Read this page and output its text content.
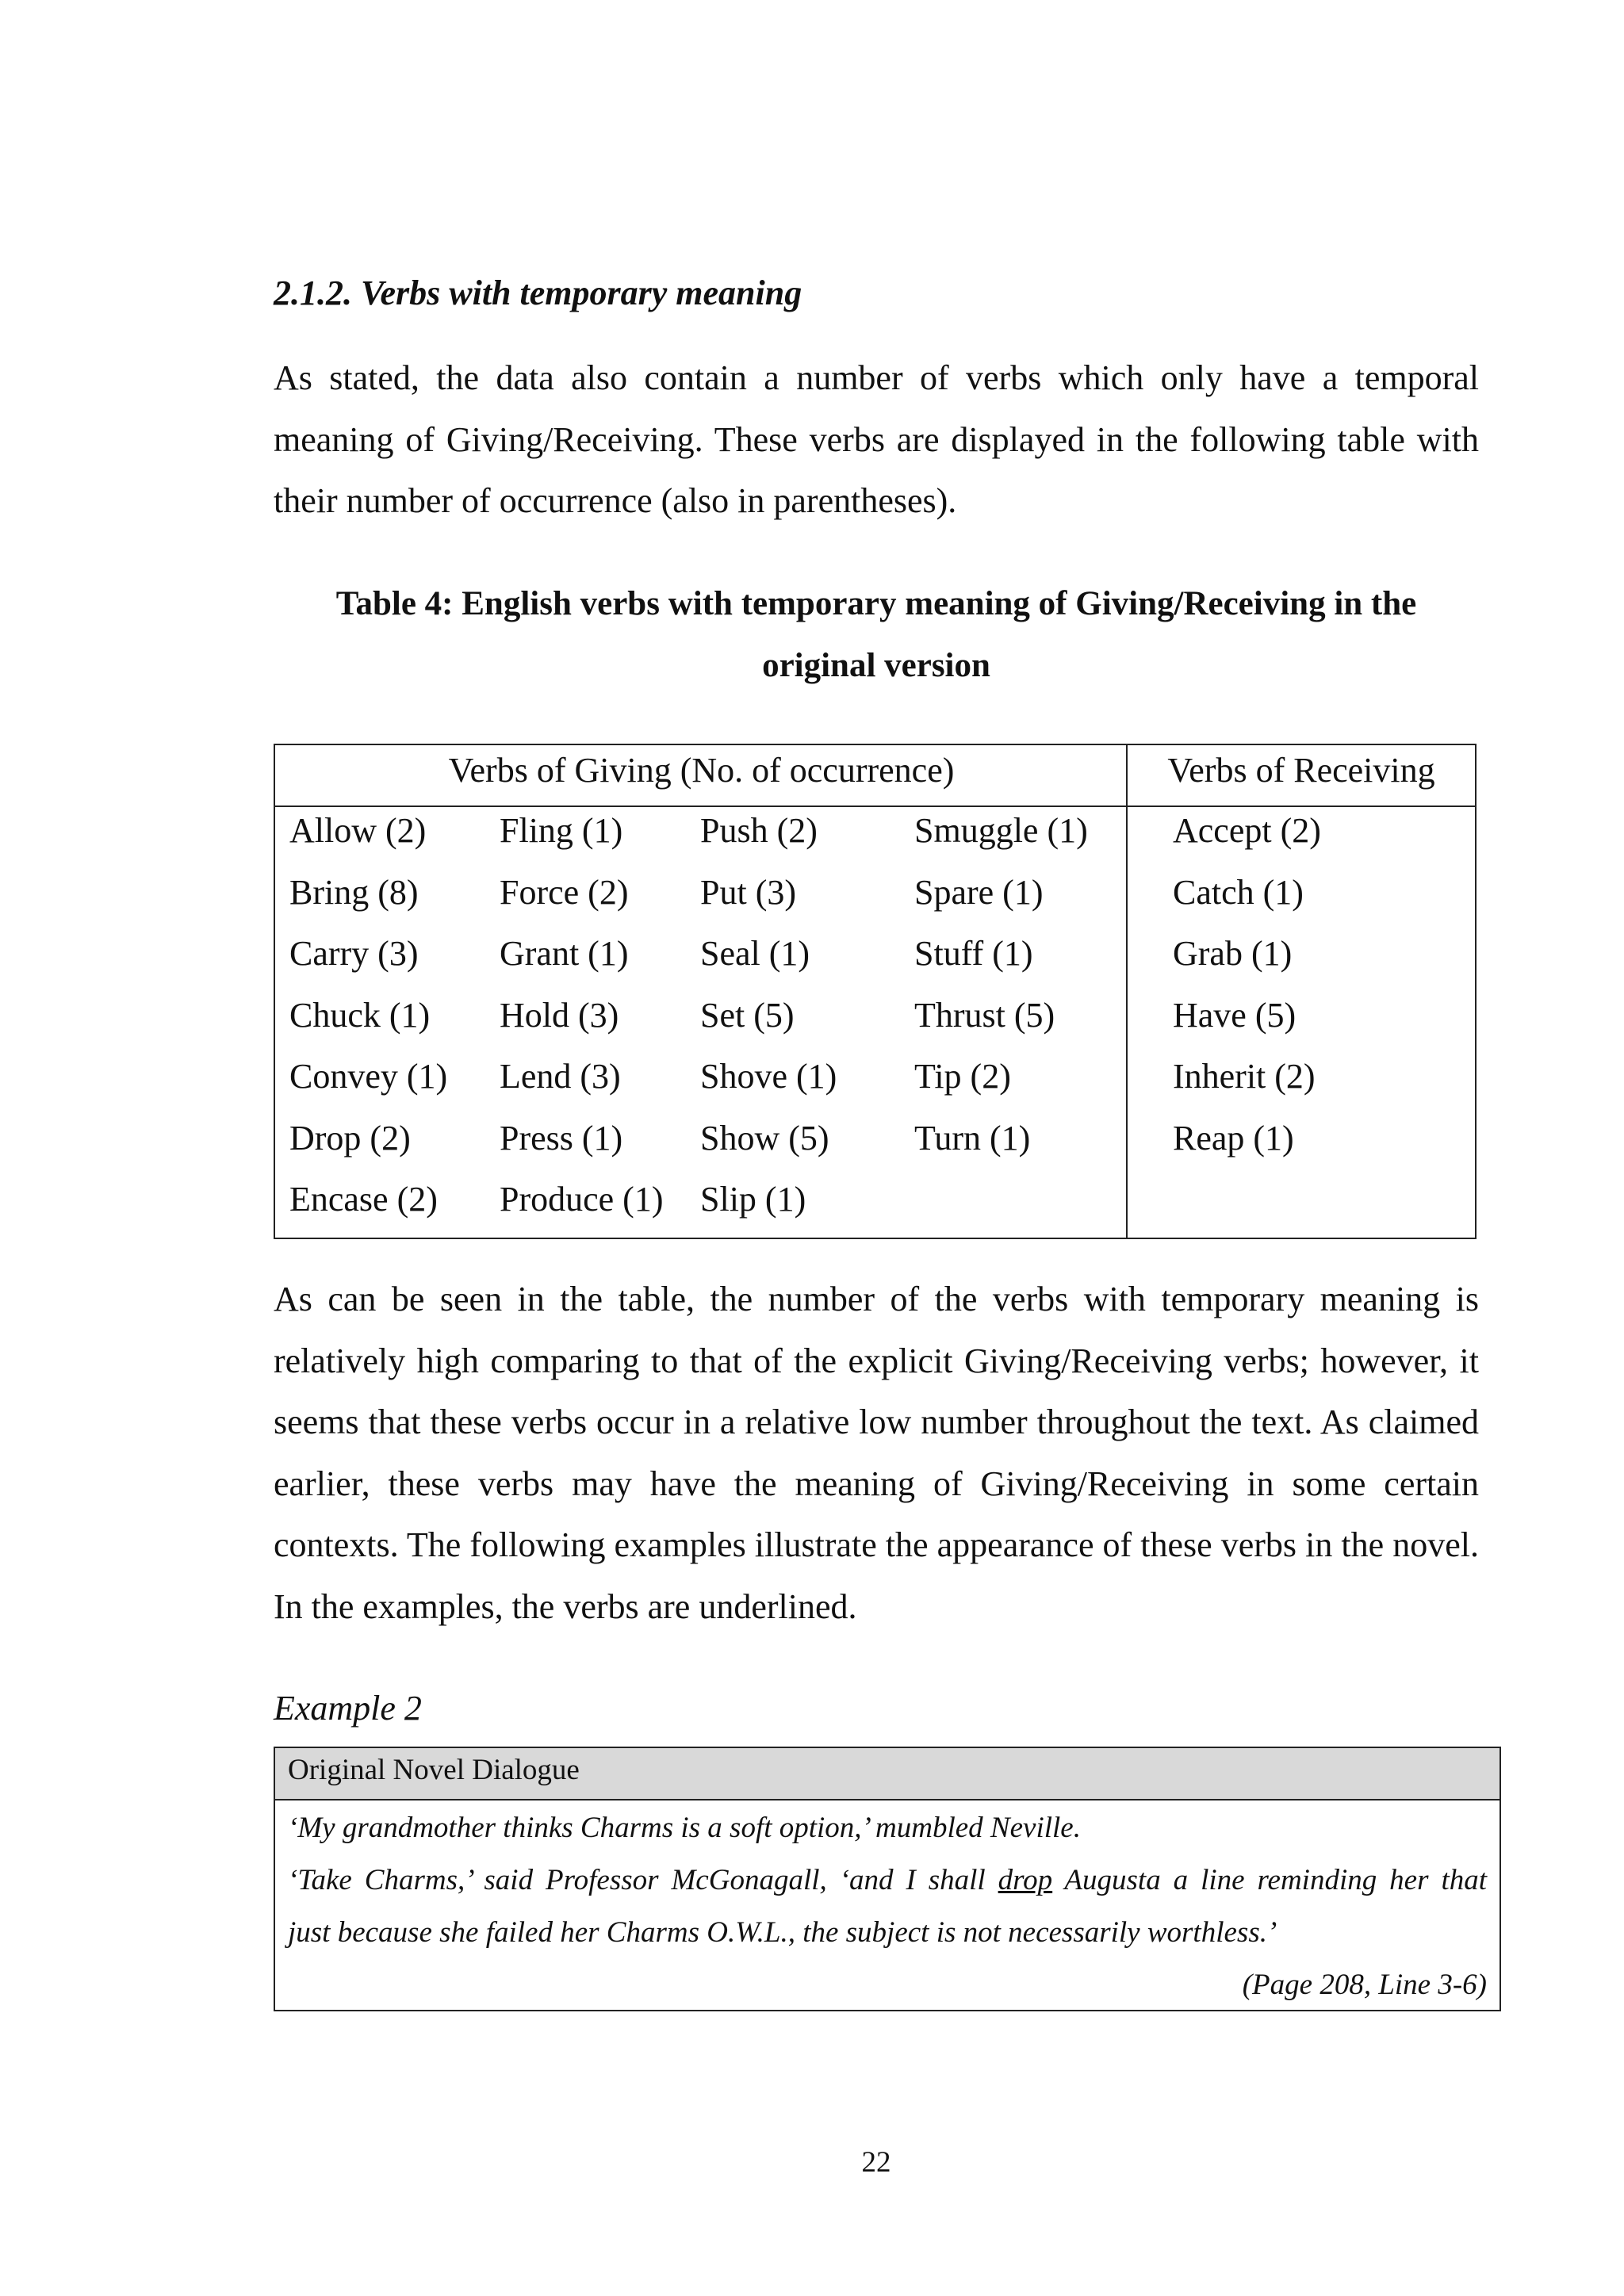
2.1.2. Verbs with temporary meaning

As stated, the data also contain a number of verbs which only have a temporal meaning of Giving/Receiving. These verbs are displayed in the following table with their number of occurrence (also in parentheses).

Table 4: English verbs with temporary meaning of Giving/Receiving in the
original version
Verbs of Giving (No. of occurrence)	Verbs of Receiving
Allow (2) Fling (1) Push (2)	Smuggle (1) Accept (2)
Bring (8) Force (2) Put (3)	Spare (1)	Catch (1)
Carry (3) Grant (1) Seal (1)	Stuff (1)	Grab (1)
Chuck (1) Hold (3) Set (5)	Thrust (5)	Have (5)
Convey (1) Lend (3) Shove (1) Tip (2)	Inherit (2)
Drop (2)	Press (1) Show (5) Turn (1)	Reap (1)
Encase (2) Produce (1) Slip (1)

As can be seen in the table, the number of the verbs with temporary meaning is relatively high comparing to that of the explicit Giving/Receiving verbs; however, it seems that these verbs occur in a relative low number throughout the text. As claimed earlier, these verbs may have the meaning of Giving/Receiving in some certain contexts. The following examples illustrate the appearance of these verbs in the novel. In the examples, the verbs are underlined.

Example 2

Original Novel Dialogue

‘My grandmother thinks Charms is a soft option,’ mumbled Neville.

‘Take Charms,’ said Professor McGonagall, ‘and I shall drop Augusta a line reminding her that

just because she failed her Charms O.W.L., the subject is not necessarily worthless.’

(Page 208, Line 3-6)

22
